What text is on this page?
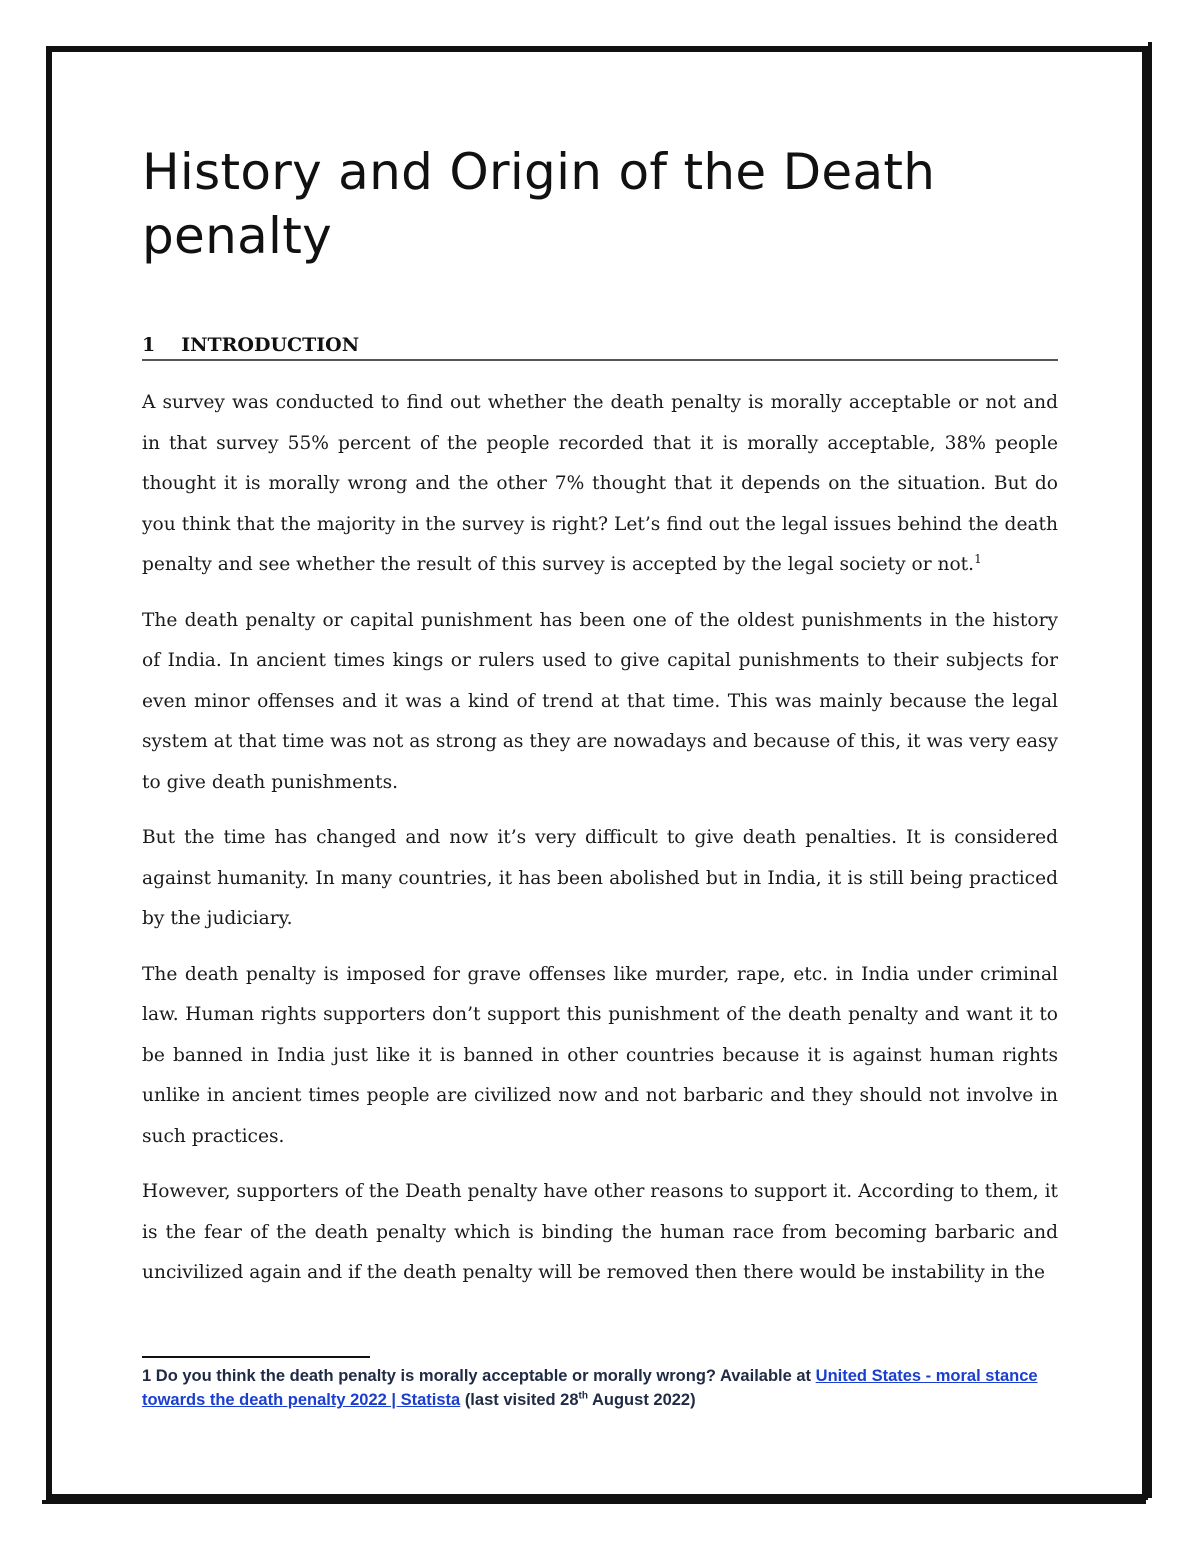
History and Origin of the Death penalty
1 INTRODUCTION

A survey was conducted to find out whether the death penalty is morally acceptable or not and in that survey 55% percent of the people recorded that it is morally acceptable, 38% people thought it is morally wrong and the other 7% thought that it depends on the situation. But do you think that the majority in the survey is right? Let’s find out the legal issues behind the death penalty and see whether the result of this survey is accepted by the legal society or not.$^1$

The death penalty or capital punishment has been one of the oldest punishments in the history of India. In ancient times kings or rulers used to give capital punishments to their subjects for even minor offenses and it was a kind of trend at that time. This was mainly because the legal system at that time was not as strong as they are nowadays and because of this, it was very easy to give death punishments.

But the time has changed and now it’s very difficult to give death penalties. It is considered against humanity. In many countries, it has been abolished but in India, it is still being practiced by the judiciary.

The death penalty is imposed for grave offenses like murder, rape, etc. in India under criminal law. Human rights supporters don’t support this punishment of the death penalty and want it to be banned in India just like it is banned in other countries because it is against human rights unlike in ancient times people are civilized now and not barbaric and they should not involve in such practices.

However, supporters of the Death penalty have other reasons to support it. According to them, it is the fear of the death penalty which is binding the human race from becoming barbaric and uncivilized again and if the death penalty will be removed then there would be instability in the

1 Do you think the death penalty is morally acceptable or morally wrong? Available at United States - moral stance towards the death penalty 2022 | Statista (last visited 28th August 2022)
